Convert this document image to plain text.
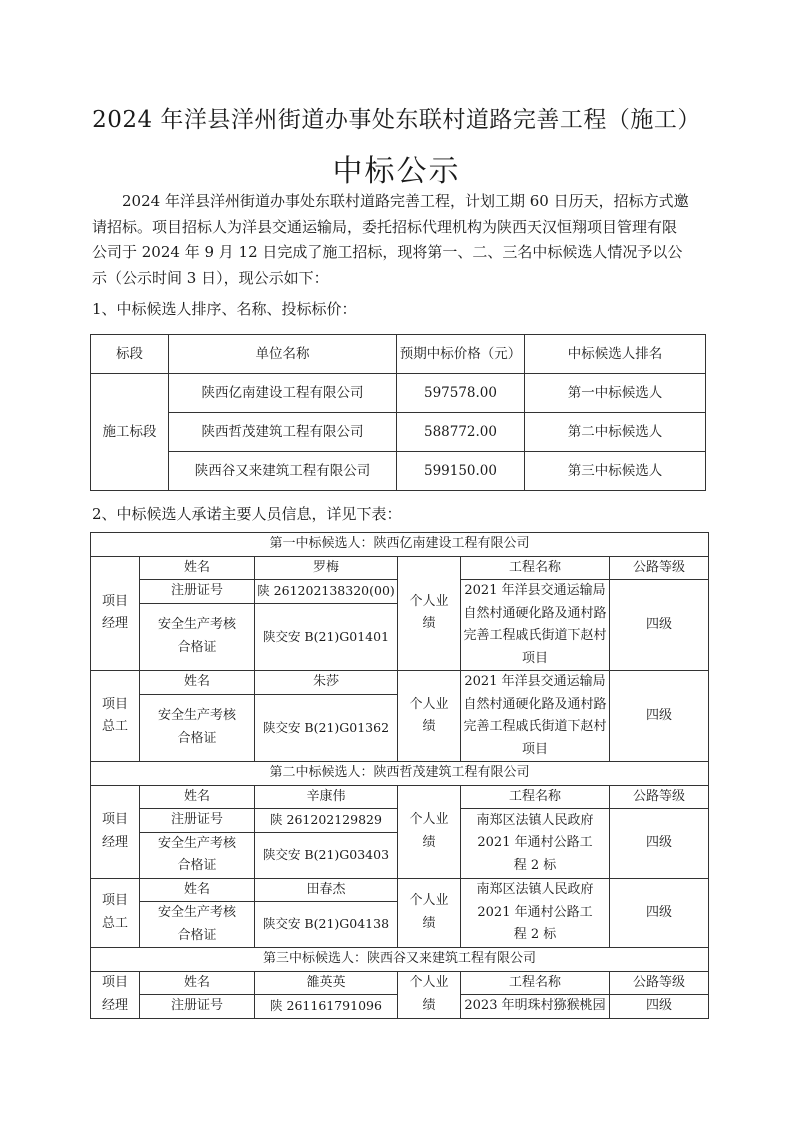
2024 年洋县洋州街道办事处东联村道路完善工程（施工）
中标公示

2024 年洋县洋州街道办事处东联村道路完善工程，计划工期 60 日历天，招标方式邀

请招标。项目招标人为洋县交通运输局，委托招标代理机构为陕西天汉恒翔项目管理有限

公司于 2024 年 9 月 12 日完成了施工招标，现将第一、二、三名中标候选人情况予以公

示（公示时间 3 日），现公示如下：

1、中标候选人排序、名称、投标标价：
标段	单位名称	预期中标价格（元）	中标候选人排名
施工标段	陕西亿南建设工程有限公司	597578.00	第一中标候选人
	陕西哲茂建筑工程有限公司	588772.00	第二中标候选人
	陕西谷又来建筑工程有限公司	599150.00	第三中标候选人
2、中标候选人承诺主要人员信息，详见下表：
第一中标候选人：陕西亿南建设工程有限公司					
项目经理	姓名	罗梅	个人业绩	工程名称	公路等级
	注册证号	陕 261202138320(00)		2021 年洋县交通运输局自然村通硬化路及通村路完善工程戚氏街道下赵村项目	四级
	安全生产考核合格证	陕交安 B(21)G01401			
项目总工	姓名	朱莎	个人业绩	2021 年洋县交通运输局自然村通硬化路及通村路完善工程戚氏街道下赵村项目	四级
	安全生产考核合格证	陕交安 B(21)G01362			
第二中标候选人：陕西哲茂建筑工程有限公司					
项目经理	姓名	辛康伟	个人业绩	工程名称	公路等级
	注册证号	陕 261202129829		南郑区法镇人民政府 2021 年通村公路工程 2 标	四级
	安全生产考核合格证	陕交安 B(21)G03403			
项目总工	姓名	田春杰	个人业绩	南郑区法镇人民政府 2021 年通村公路工程 2 标	四级
	安全生产考核合格证	陕交安 B(21)G04138			
第三中标候选人：陕西谷又来建筑工程有限公司					
项目经理	姓名	雒英英	个人业绩	工程名称	公路等级
	注册证号	陕 261161791096		2023 年明珠村猕猴桃园	四级
